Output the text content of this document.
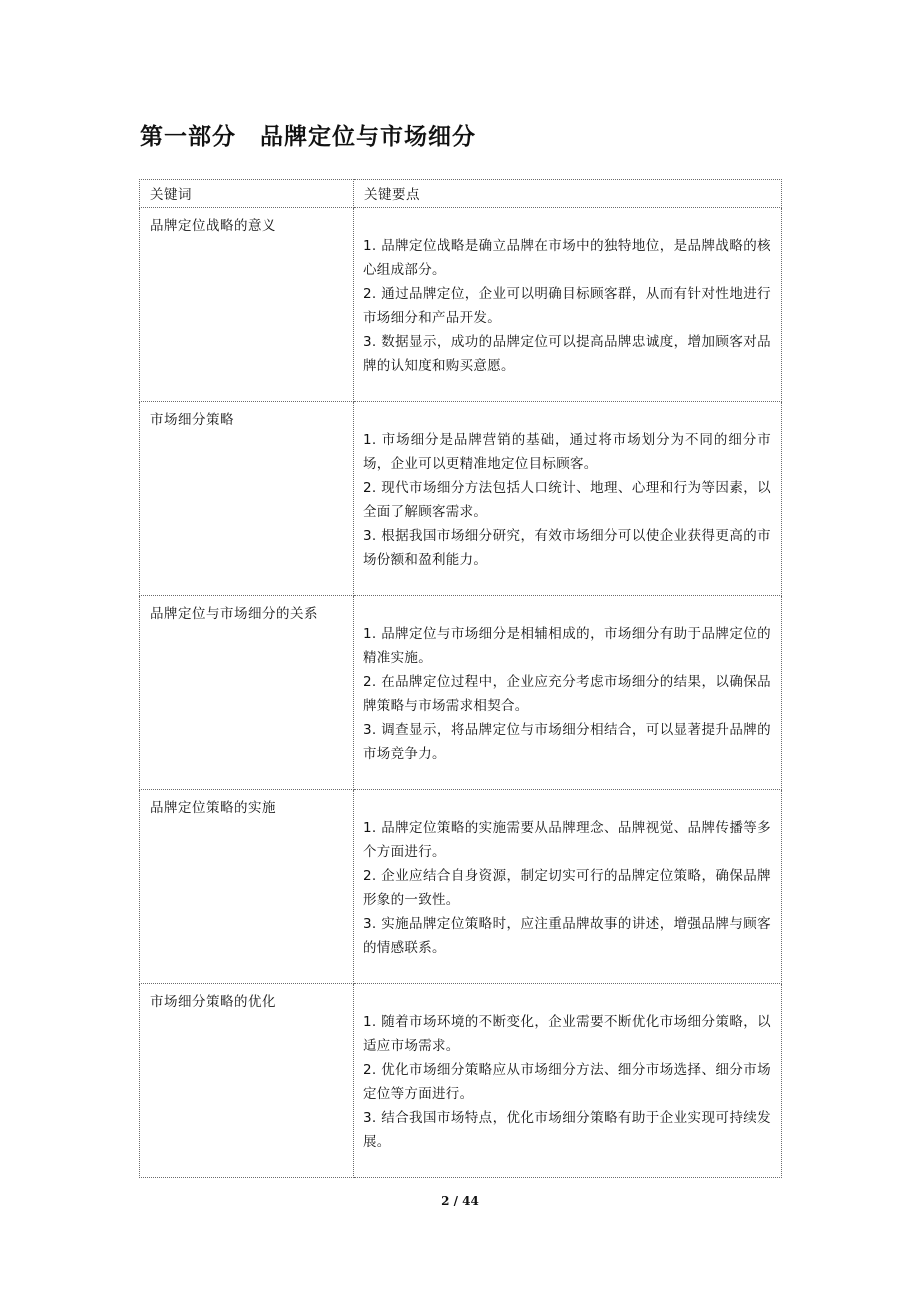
第一部分　品牌定位与市场细分
关键词	关键要点
品牌定位战略的意义	1. 品牌定位战略是确立品牌在市场中的独特地位，是品牌战略的核心组成部分。

2. 通过品牌定位，企业可以明确目标顾客群，从而有针对性地进行市场细分和产品开发。

3. 数据显示，成功的品牌定位可以提高品牌忠诚度，增加顾客对品牌的认知度和购买意愿。

市场细分策略	1. 市场细分是品牌营销的基础，通过将市场划分为不同的细分市场，企业可以更精准地定位目标顾客。

2. 现代市场细分方法包括人口统计、地理、心理和行为等因素，以全面了解顾客需求。

3. 根据我国市场细分研究，有效市场细分可以使企业获得更高的市场份额和盈利能力。

品牌定位与市场细分的关系	1. 品牌定位与市场细分是相辅相成的，市场细分有助于品牌定位的精准实施。

2. 在品牌定位过程中，企业应充分考虑市场细分的结果，以确保品牌策略与市场需求相契合。

3. 调查显示，将品牌定位与市场细分相结合，可以显著提升品牌的市场竞争力。

品牌定位策略的实施	1. 品牌定位策略的实施需要从品牌理念、品牌视觉、品牌传播等多个方面进行。

2. 企业应结合自身资源，制定切实可行的品牌定位策略，确保品牌形象的一致性。

3. 实施品牌定位策略时，应注重品牌故事的讲述，增强品牌与顾客的情感联系。

市场细分策略的优化	1. 随着市场环境的不断变化，企业需要不断优化市场细分策略，以适应市场需求。

2. 优化市场细分策略应从市场细分方法、细分市场选择、细分市场定位等方面进行。

3. 结合我国市场特点，优化市场细分策略有助于企业实现可持续发展。

2 / 44
